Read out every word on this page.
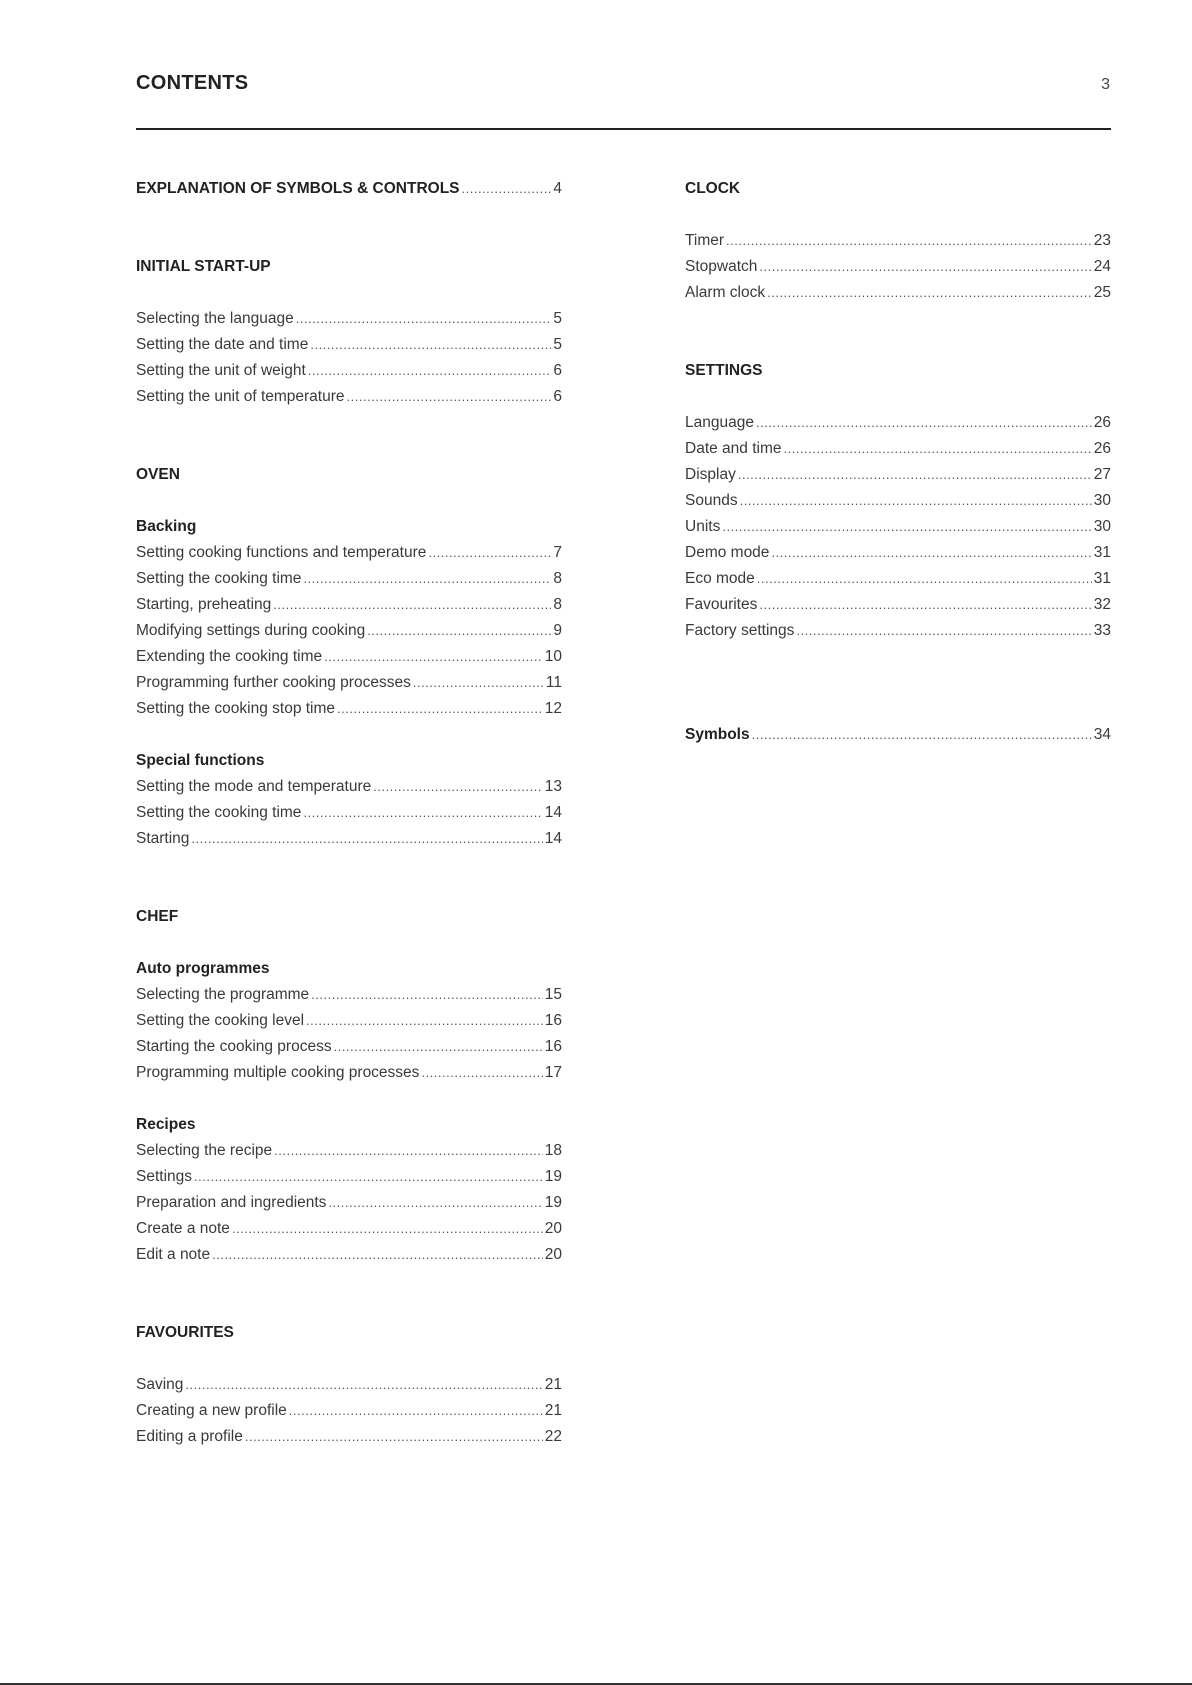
CONTENTS	3
EXPLANATION OF SYMBOLS & CONTROLS .....	4
INITIAL START-UP
Selecting the language .....	5
Setting the date and time .....	5
Setting the unit of weight .....	6
Setting the unit of temperature .....	6
OVEN
Backing
Setting cooking functions and temperature .....	7
Setting the cooking time .....	8
Starting, preheating .....	8
Modifying settings during cooking .....	9
Extending the cooking time .....	10
Programming further cooking processes .....	11
Setting the cooking stop time .....	12
Special functions
Setting the mode and temperature .....	13
Setting the cooking time .....	14
Starting .....	14
CHEF
Auto programmes
Selecting the programme .....	15
Setting the cooking level .....	16
Starting the cooking process .....	16
Programming multiple cooking processes .....	17
Recipes
Selecting the recipe .....	18
Settings .....	19
Preparation and ingredients .....	19
Create a note .....	20
Edit a note .....	20
FAVOURITES
Saving .....	21
Creating a new profile .....	21
Editing a profile .....	22
CLOCK
Timer .....	23
Stopwatch .....	24
Alarm clock .....	25
SETTINGS
Language .....	26
Date and time .....	26
Display .....	27
Sounds .....	30
Units .....	30
Demo mode .....	31
Eco mode .....	31
Favourites .....	32
Factory settings .....	33
Symbols .....	34
